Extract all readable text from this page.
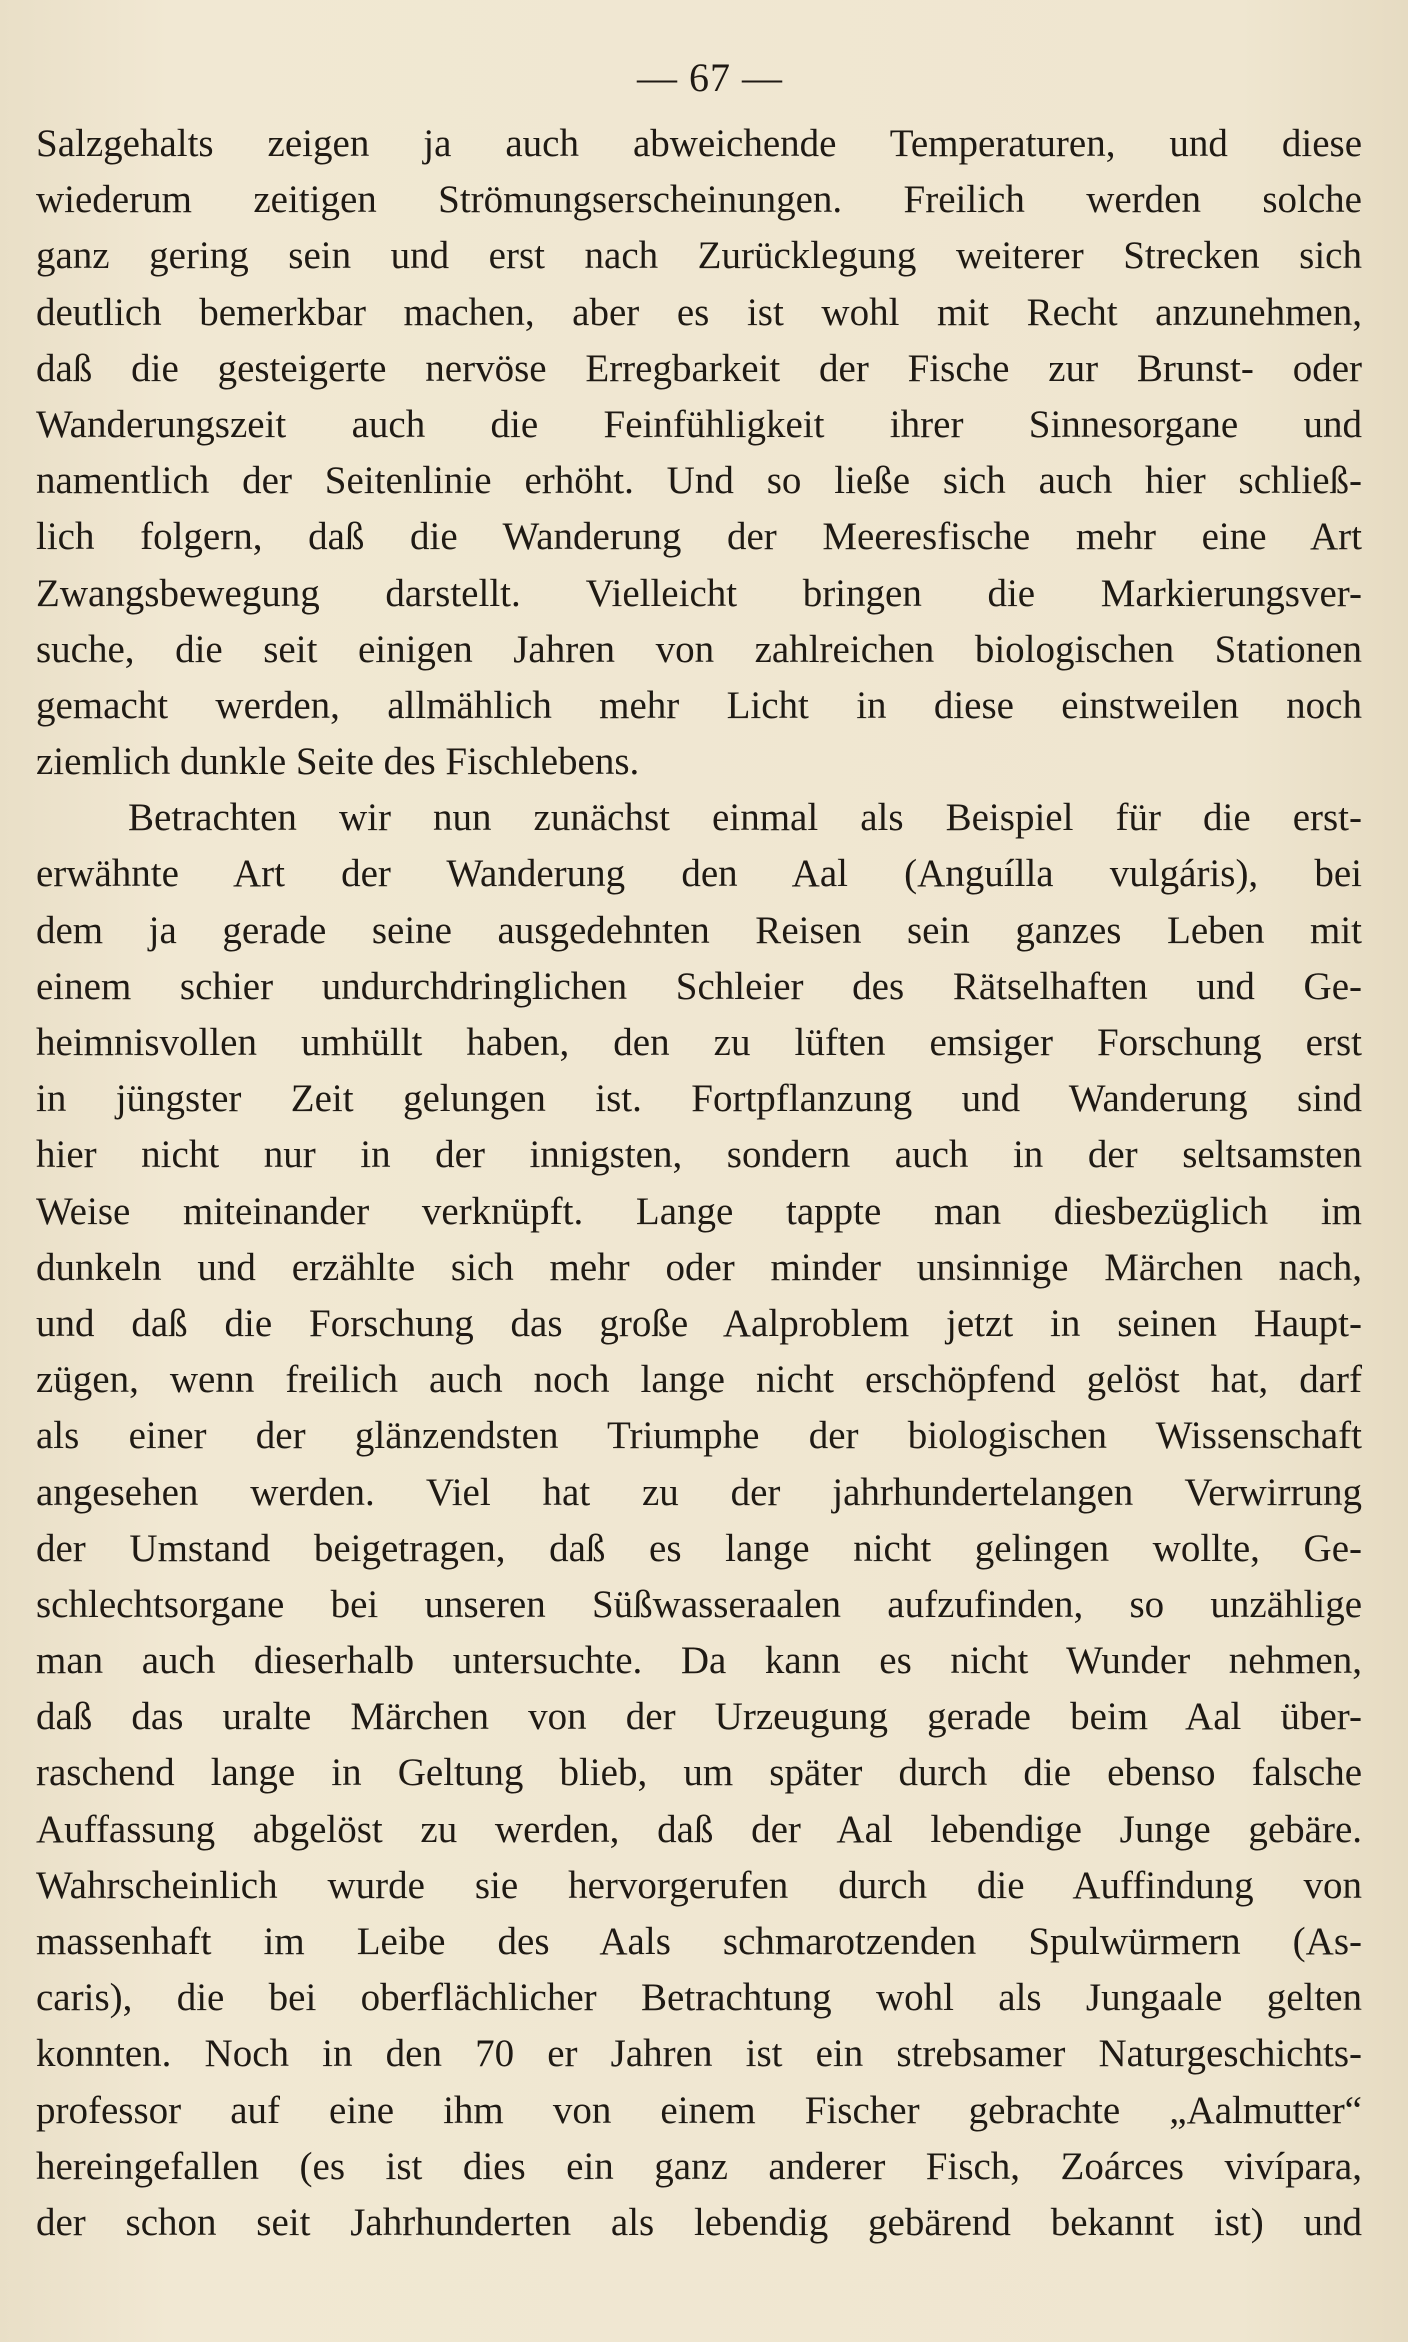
— 67 —
Salzgehalts zeigen ja auch abweichende Temperaturen, und diese
wiederum zeitigen Strömungserscheinungen. Freilich werden solche
ganz gering sein und erst nach Zurücklegung weiterer Strecken sich
deutlich bemerkbar machen, aber es ist wohl mit Recht anzunehmen,
daß die gesteigerte nervöse Erregbarkeit der Fische zur Brunst- oder
Wanderungszeit auch die Feinfühligkeit ihrer Sinnesorgane und
namentlich der Seitenlinie erhöht. Und so ließe sich auch hier schließ-
lich folgern, daß die Wanderung der Meeresfische mehr eine Art
Zwangsbewegung darstellt. Vielleicht bringen die Markierungsver-
suche, die seit einigen Jahren von zahlreichen biologischen Stationen
gemacht werden, allmählich mehr Licht in diese einstweilen noch
ziemlich dunkle Seite des Fischlebens.
Betrachten wir nun zunächst einmal als Beispiel für die erst-
erwähnte Art der Wanderung den Aal (Anguílla vulgáris), bei
dem ja gerade seine ausgedehnten Reisen sein ganzes Leben mit
einem schier undurchdringlichen Schleier des Rätselhaften und Ge-
heimnisvollen umhüllt haben, den zu lüften emsiger Forschung erst
in jüngster Zeit gelungen ist. Fortpflanzung und Wanderung sind
hier nicht nur in der innigsten, sondern auch in der seltsamsten
Weise miteinander verknüpft. Lange tappte man diesbezüglich im
dunkeln und erzählte sich mehr oder minder unsinnige Märchen nach,
und daß die Forschung das große Aalproblem jetzt in seinen Haupt-
zügen, wenn freilich auch noch lange nicht erschöpfend gelöst hat, darf
als einer der glänzendsten Triumphe der biologischen Wissenschaft
angesehen werden. Viel hat zu der jahrhundertelangen Verwirrung
der Umstand beigetragen, daß es lange nicht gelingen wollte, Ge-
schlechtsorgane bei unseren Süßwasseraalen aufzufinden, so unzählige
man auch dieserhalb untersuchte. Da kann es nicht Wunder nehmen,
daß das uralte Märchen von der Urzeugung gerade beim Aal über-
raschend lange in Geltung blieb, um später durch die ebenso falsche
Auffassung abgelöst zu werden, daß der Aal lebendige Junge gebäre.
Wahrscheinlich wurde sie hervorgerufen durch die Auffindung von
massenhaft im Leibe des Aals schmarotzenden Spulwürmern (As-
caris), die bei oberflächlicher Betrachtung wohl als Jungaale gelten
konnten. Noch in den 70 er Jahren ist ein strebsamer Naturgeschichts-
professor auf eine ihm von einem Fischer gebrachte „Aalmutter“
hereingefallen (es ist dies ein ganz anderer Fisch, Zoárces vivípara,
der schon seit Jahrhunderten als lebendig gebärend bekannt ist) und
